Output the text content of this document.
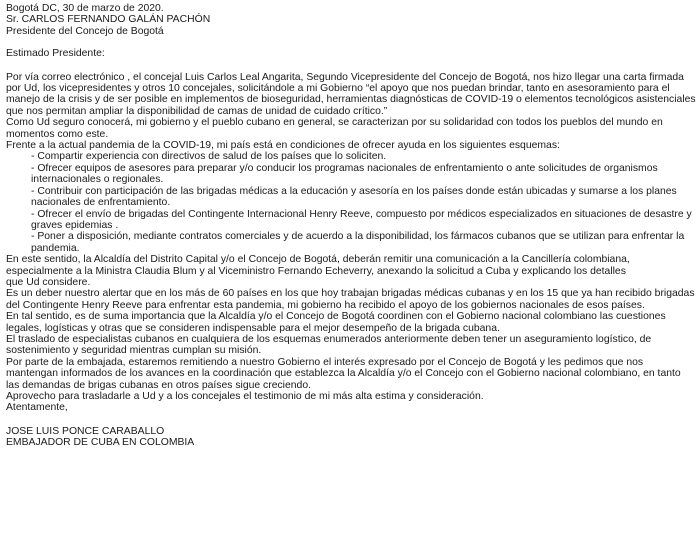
Bogotá DC, 30 de marzo de 2020.

Sr. CARLOS FERNANDO GALÁN PACHÓN

Presidente del Concejo de Bogotá

Estimado Presidente:

Por vía correo electrónico , el concejal Luis Carlos Leal Angarita, Segundo Vicepresidente del Concejo de Bogotá, nos hizo llegar una carta firmada

por Ud, los vicepresidentes y otros 10 concejales, solicitándole a mi Gobierno “el apoyo que nos puedan brindar, tanto en asesoramiento para el

manejo de la crisis y de ser posible en implementos de bioseguridad, herramientas diagnósticas de COVID-19 o elementos tecnológicos asistenciales

que nos permitan ampliar la disponibilidad de camas de unidad de cuidado crítico.”

Como Ud seguro conocerá, mi gobierno y el pueblo cubano en general, se caracterizan por su solidaridad con todos los pueblos del mundo en

momentos como este.

Frente a la actual pandemia de la COVID-19, mi país está en condiciones de ofrecer ayuda en los siguientes esquemas:

- Compartir experiencia con directivos de salud de los países que lo soliciten.

- Ofrecer equipos de asesores para preparar y/o conducir los programas nacionales de enfrentamiento o ante solicitudes de organismos

internacionales o regionales.

- Contribuir con participación de las brigadas médicas a la educación y asesoría en los países donde están ubicadas y sumarse a los planes

nacionales de enfrentamiento.

- Ofrecer el envío de brigadas del Contingente Internacional Henry Reeve, compuesto por médicos especializados en situaciones de desastre y

graves epidemias .

- Poner a disposición, mediante contratos comerciales y de acuerdo a la disponibilidad, los fármacos cubanos que se utilizan para enfrentar la

pandemia.

En este sentido, la Alcaldía del Distrito Capital y/o el Concejo de Bogotá, deberán remitir una comunicación a la Cancillería colombiana,

especialmente a la Ministra Claudia Blum y al Viceministro Fernando Echeverry, anexando la solicitud a Cuba y explicando los detalles

que Ud considere.

Es un deber nuestro alertar que en los más de 60 países en los que hoy trabajan brigadas médicas cubanas y en los 15 que ya han recibido brigadas

del Contingente Henry Reeve para enfrentar esta pandemia, mi gobierno ha recibido el apoyo de los gobiernos nacionales de esos países.

En tal sentido, es de suma importancia que la Alcaldía y/o el Concejo de Bogotá coordinen con el Gobierno nacional colombiano las cuestiones

legales, logísticas y otras que se consideren indispensable para el mejor desempeño de la brigada cubana.

El traslado de especialistas cubanos en cualquiera de los esquemas enumerados anteriormente deben tener un aseguramiento logístico, de

sostenimiento y seguridad mientras cumplan su misión.

Por parte de la embajada, estaremos remitiendo a nuestro Gobierno el interés expresado por el Concejo de Bogotá y les pedimos que nos

mantengan informados de los avances en la coordinación que establezca la Alcaldía y/o el Concejo con el Gobierno nacional colombiano, en tanto

las demandas de brigas cubanas en otros países sigue creciendo.

Aprovecho para trasladarle a Ud y a los concejales el testimonio de mi más alta estima y consideración.

Atentamente,

JOSE LUIS PONCE CARABALLO

EMBAJADOR DE CUBA EN COLOMBIA
